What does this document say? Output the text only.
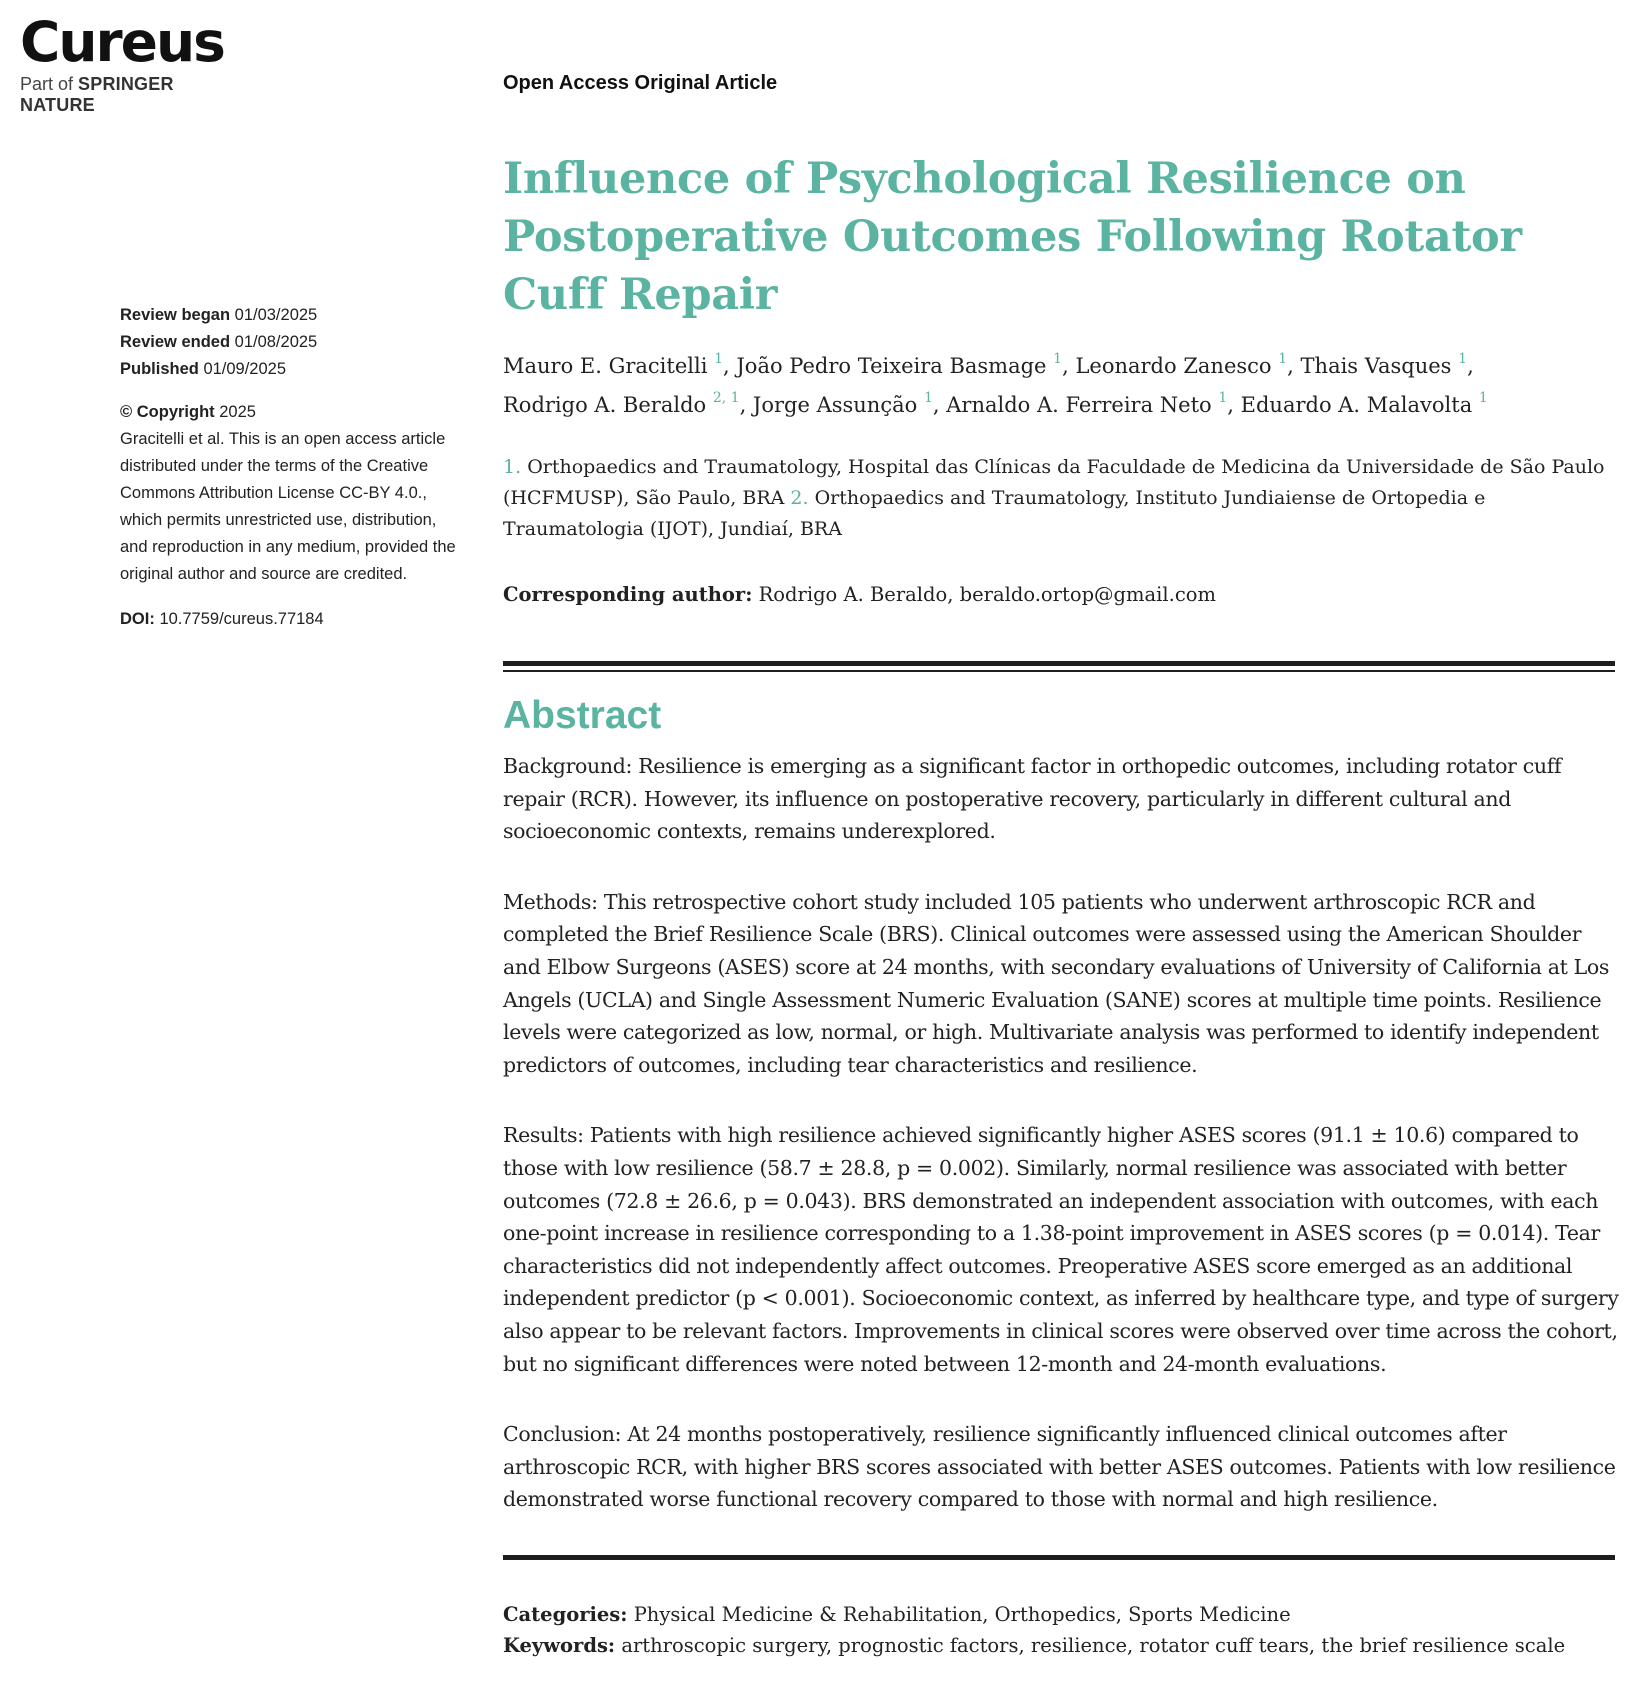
Cureus
Part of SPRINGER NATURE
Review began 01/03/2025
Review ended 01/08/2025
Published 01/09/2025
© Copyright 2025
Gracitelli et al. This is an open access article distributed under the terms of the Creative Commons Attribution License CC-BY 4.0., which permits unrestricted use, distribution, and reproduction in any medium, provided the original author and source are credited.
DOI: 10.7759/cureus.77184
Open Access Original Article
Influence of Psychological Resilience on Postoperative Outcomes Following Rotator Cuff Repair
Mauro E. Gracitelli $^1$, João Pedro Teixeira Basmage $^1$, Leonardo Zanesco $^1$, Thais Vasques $^1$,
Rodrigo A. Beraldo $^{2, 1}$, Jorge Assunção $^1$, Arnaldo A. Ferreira Neto $^1$, Eduardo A. Malavolta $^1$
1. Orthopaedics and Traumatology, Hospital das Clínicas da Faculdade de Medicina da Universidade de São Paulo (HCFMUSP), São Paulo, BRA 2. Orthopaedics and Traumatology, Instituto Jundiaiense de Ortopedia e Traumatologia (IJOT), Jundiaí, BRA
Corresponding author: Rodrigo A. Beraldo, beraldo.ortop@gmail.com
Abstract

Background: Resilience is emerging as a significant factor in orthopedic outcomes, including rotator cuff repair (RCR). However, its influence on postoperative recovery, particularly in different cultural and socioeconomic contexts, remains underexplored.

Methods: This retrospective cohort study included 105 patients who underwent arthroscopic RCR and completed the Brief Resilience Scale (BRS). Clinical outcomes were assessed using the American Shoulder and Elbow Surgeons (ASES) score at 24 months, with secondary evaluations of University of California at Los Angels (UCLA) and Single Assessment Numeric Evaluation (SANE) scores at multiple time points. Resilience levels were categorized as low, normal, or high. Multivariate analysis was performed to identify independent predictors of outcomes, including tear characteristics and resilience.

Results: Patients with high resilience achieved significantly higher ASES scores (91.1 ± 10.6) compared to those with low resilience (58.7 ± 28.8, p = 0.002). Similarly, normal resilience was associated with better outcomes (72.8 ± 26.6, p = 0.043). BRS demonstrated an independent association with outcomes, with each one-point increase in resilience corresponding to a 1.38-point improvement in ASES scores (p = 0.014). Tear characteristics did not independently affect outcomes. Preoperative ASES score emerged as an additional independent predictor (p < 0.001). Socioeconomic context, as inferred by healthcare type, and type of surgery also appear to be relevant factors. Improvements in clinical scores were observed over time across the cohort, but no significant differences were noted between 12-month and 24-month evaluations.

Conclusion: At 24 months postoperatively, resilience significantly influenced clinical outcomes after arthroscopic RCR, with higher BRS scores associated with better ASES outcomes. Patients with low resilience demonstrated worse functional recovery compared to those with normal and high resilience.

Categories: Physical Medicine & Rehabilitation, Orthopedics, Sports Medicine
Keywords: arthroscopic surgery, prognostic factors, resilience, rotator cuff tears, the brief resilience scale
